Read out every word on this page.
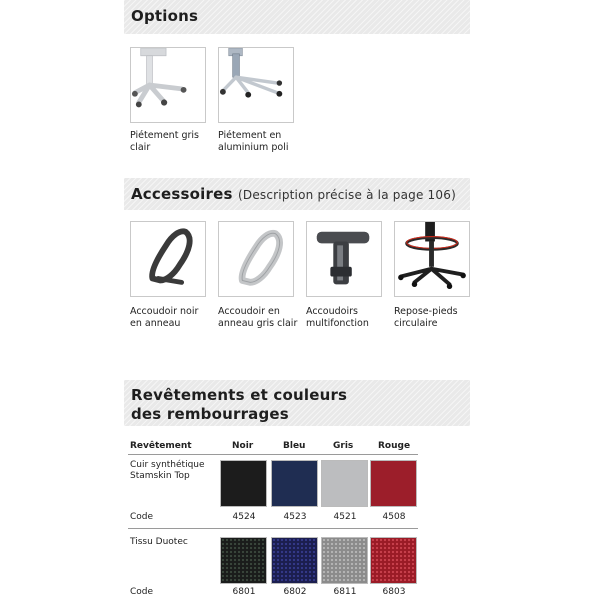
Options
Piétement gris clair
Piétement en aluminium poli
Accessoires (Description précise à la page 106)
Accoudoir noir en anneau
Accoudoir en anneau gris clair
Accoudoirs multifonction
Repose-pieds circulaire
Revêtements et couleurs
des rembourrages
Revêtement	Noir	Bleu	Gris	Rouge
Cuir synthétique Stamskin Top
Code	4524	4523	4521	4508
Tissu Duotec
Code	6801	6802	6811	6803
